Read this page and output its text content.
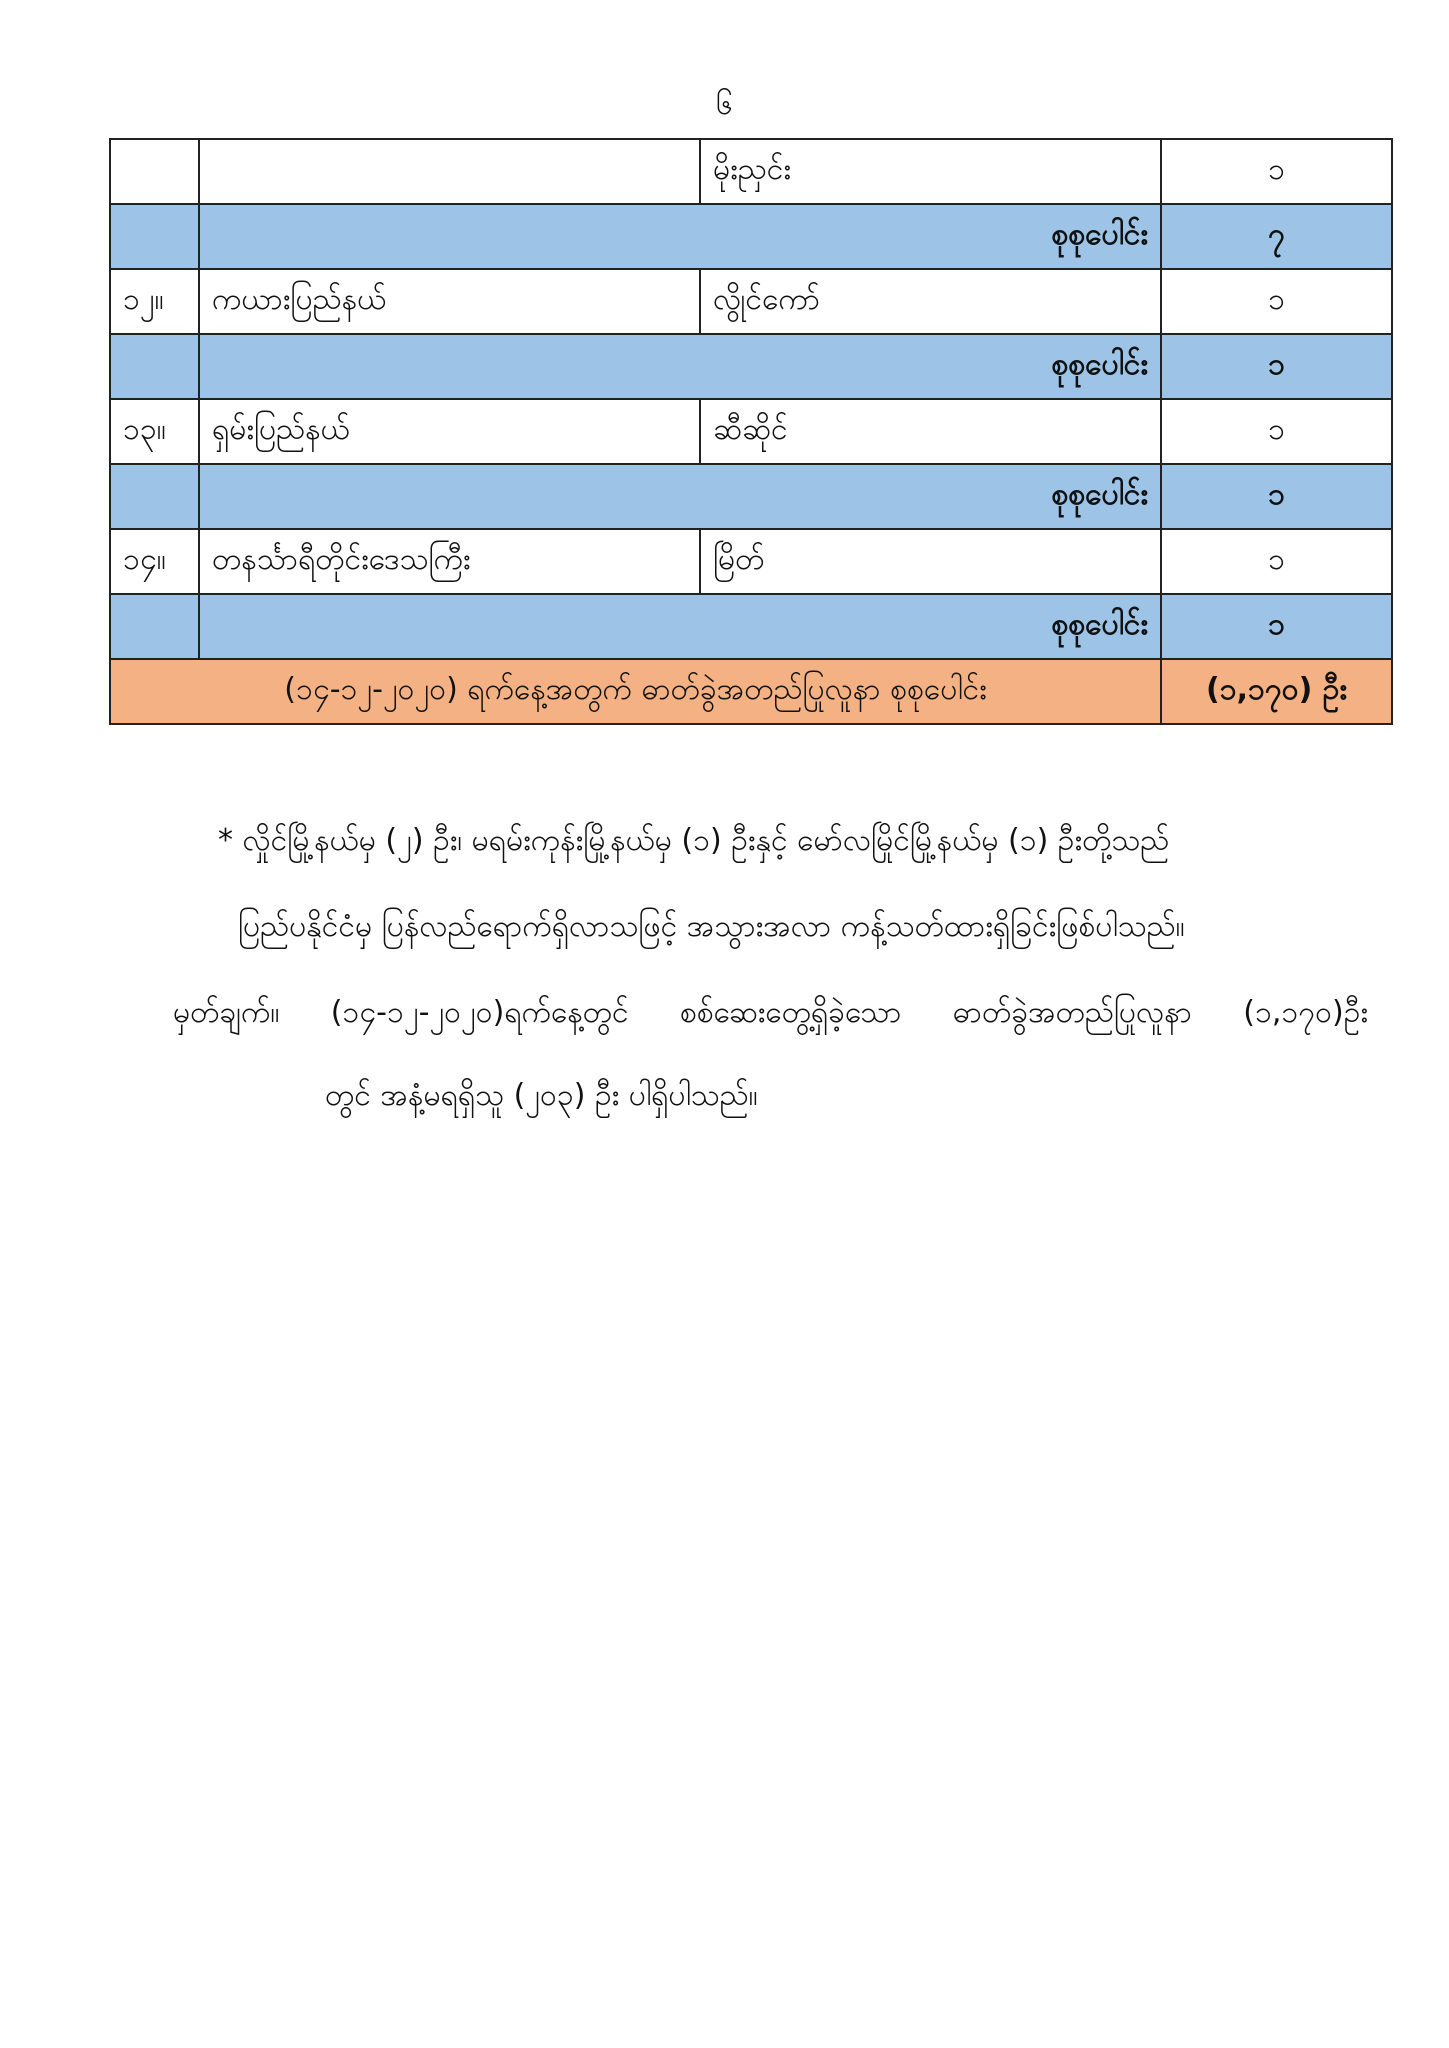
၆
		မိုးညှင်း	၁
	စုစုပေါင်း		၇
၁၂။	ကယားပြည်နယ်	လွိုင်ကော်	၁
	စုစုပေါင်း		၁
၁၃။	ရှမ်းပြည်နယ်	ဆီဆိုင်	၁
	စုစုပေါင်း		၁
၁၄။	တနင်္သာရီတိုင်းဒေသကြီး	မြိတ်	၁
	စုစုပေါင်း		၁
(၁၄-၁၂-၂၀၂၀) ရက်နေ့အတွက် ဓာတ်ခွဲအတည်ပြုလူနာ စုစုပေါင်း			(၁,၁၇၀) ဦး
* လှိုင်မြို့နယ်မှ (၂) ဦး၊ မရမ်းကုန်းမြို့နယ်မှ (၁) ဦးနှင့် မော်လမြိုင်မြို့နယ်မှ (၁) ဦးတို့သည်
ပြည်ပနိုင်ငံမှ ပြန်လည်ရောက်ရှိလာသဖြင့် အသွားအလာ ကန့်သတ်ထားရှိခြင်းဖြစ်ပါသည်။
မှတ်ချက်။ (၁၄-၁၂-၂၀၂၀)ရက်နေ့တွင် စစ်ဆေးတွေ့ရှိခဲ့သော ဓာတ်ခွဲအတည်ပြုလူနာ (၁,၁၇၀)ဦး
တွင် အနံ့မရရှိသူ (၂၀၃) ဦး ပါရှိပါသည်။
